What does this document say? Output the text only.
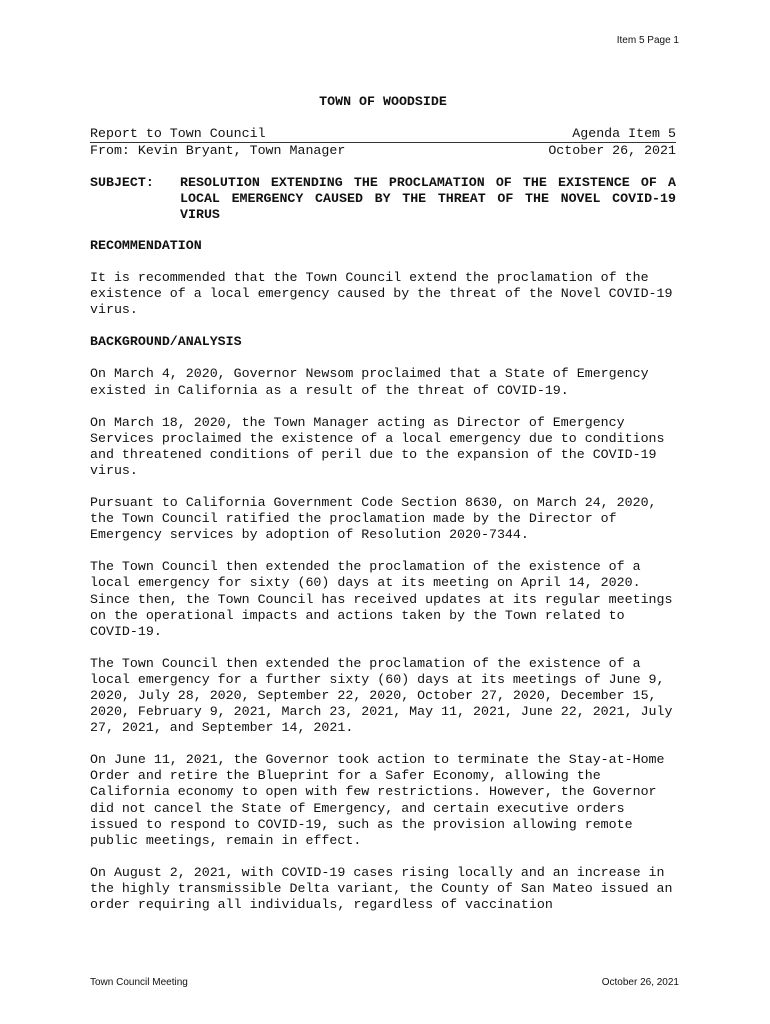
Item 5 Page 1
TOWN OF WOODSIDE
Report to Town Council	Agenda Item 5
From: Kevin Bryant, Town Manager	October 26, 2021
SUBJECT:	RESOLUTION EXTENDING THE PROCLAMATION OF THE EXISTENCE OF A LOCAL EMERGENCY CAUSED BY THE THREAT OF THE NOVEL COVID-19 VIRUS
RECOMMENDATION
It is recommended that the Town Council extend the proclamation of the existence of a local emergency caused by the threat of the Novel COVID-19 virus.
BACKGROUND/ANALYSIS
On March 4, 2020, Governor Newsom proclaimed that a State of Emergency existed in California as a result of the threat of COVID-19.
On March 18, 2020, the Town Manager acting as Director of Emergency Services proclaimed the existence of a local emergency due to conditions and threatened conditions of peril due to the expansion of the COVID-19 virus.
Pursuant to California Government Code Section 8630, on March 24, 2020, the Town Council ratified the proclamation made by the Director of Emergency services by adoption of Resolution 2020-7344.
The Town Council then extended the proclamation of the existence of a local emergency for sixty (60) days at its meeting on April 14, 2020. Since then, the Town Council has received updates at its regular meetings on the operational impacts and actions taken by the Town related to COVID-19.
The Town Council then extended the proclamation of the existence of a local emergency for a further sixty (60) days at its meetings of June 9, 2020, July 28, 2020, September 22, 2020, October 27, 2020, December 15, 2020, February 9, 2021, March 23, 2021, May 11, 2021, June 22, 2021, July 27, 2021, and September 14, 2021.
On June 11, 2021, the Governor took action to terminate the Stay-at-Home Order and retire the Blueprint for a Safer Economy, allowing the California economy to open with few restrictions. However, the Governor did not cancel the State of Emergency, and certain executive orders issued to respond to COVID-19, such as the provision allowing remote public meetings, remain in effect.
On August 2, 2021, with COVID-19 cases rising locally and an increase in the highly transmissible Delta variant, the County of San Mateo issued an order requiring all individuals, regardless of vaccination
Town Council Meeting	October 26, 2021
